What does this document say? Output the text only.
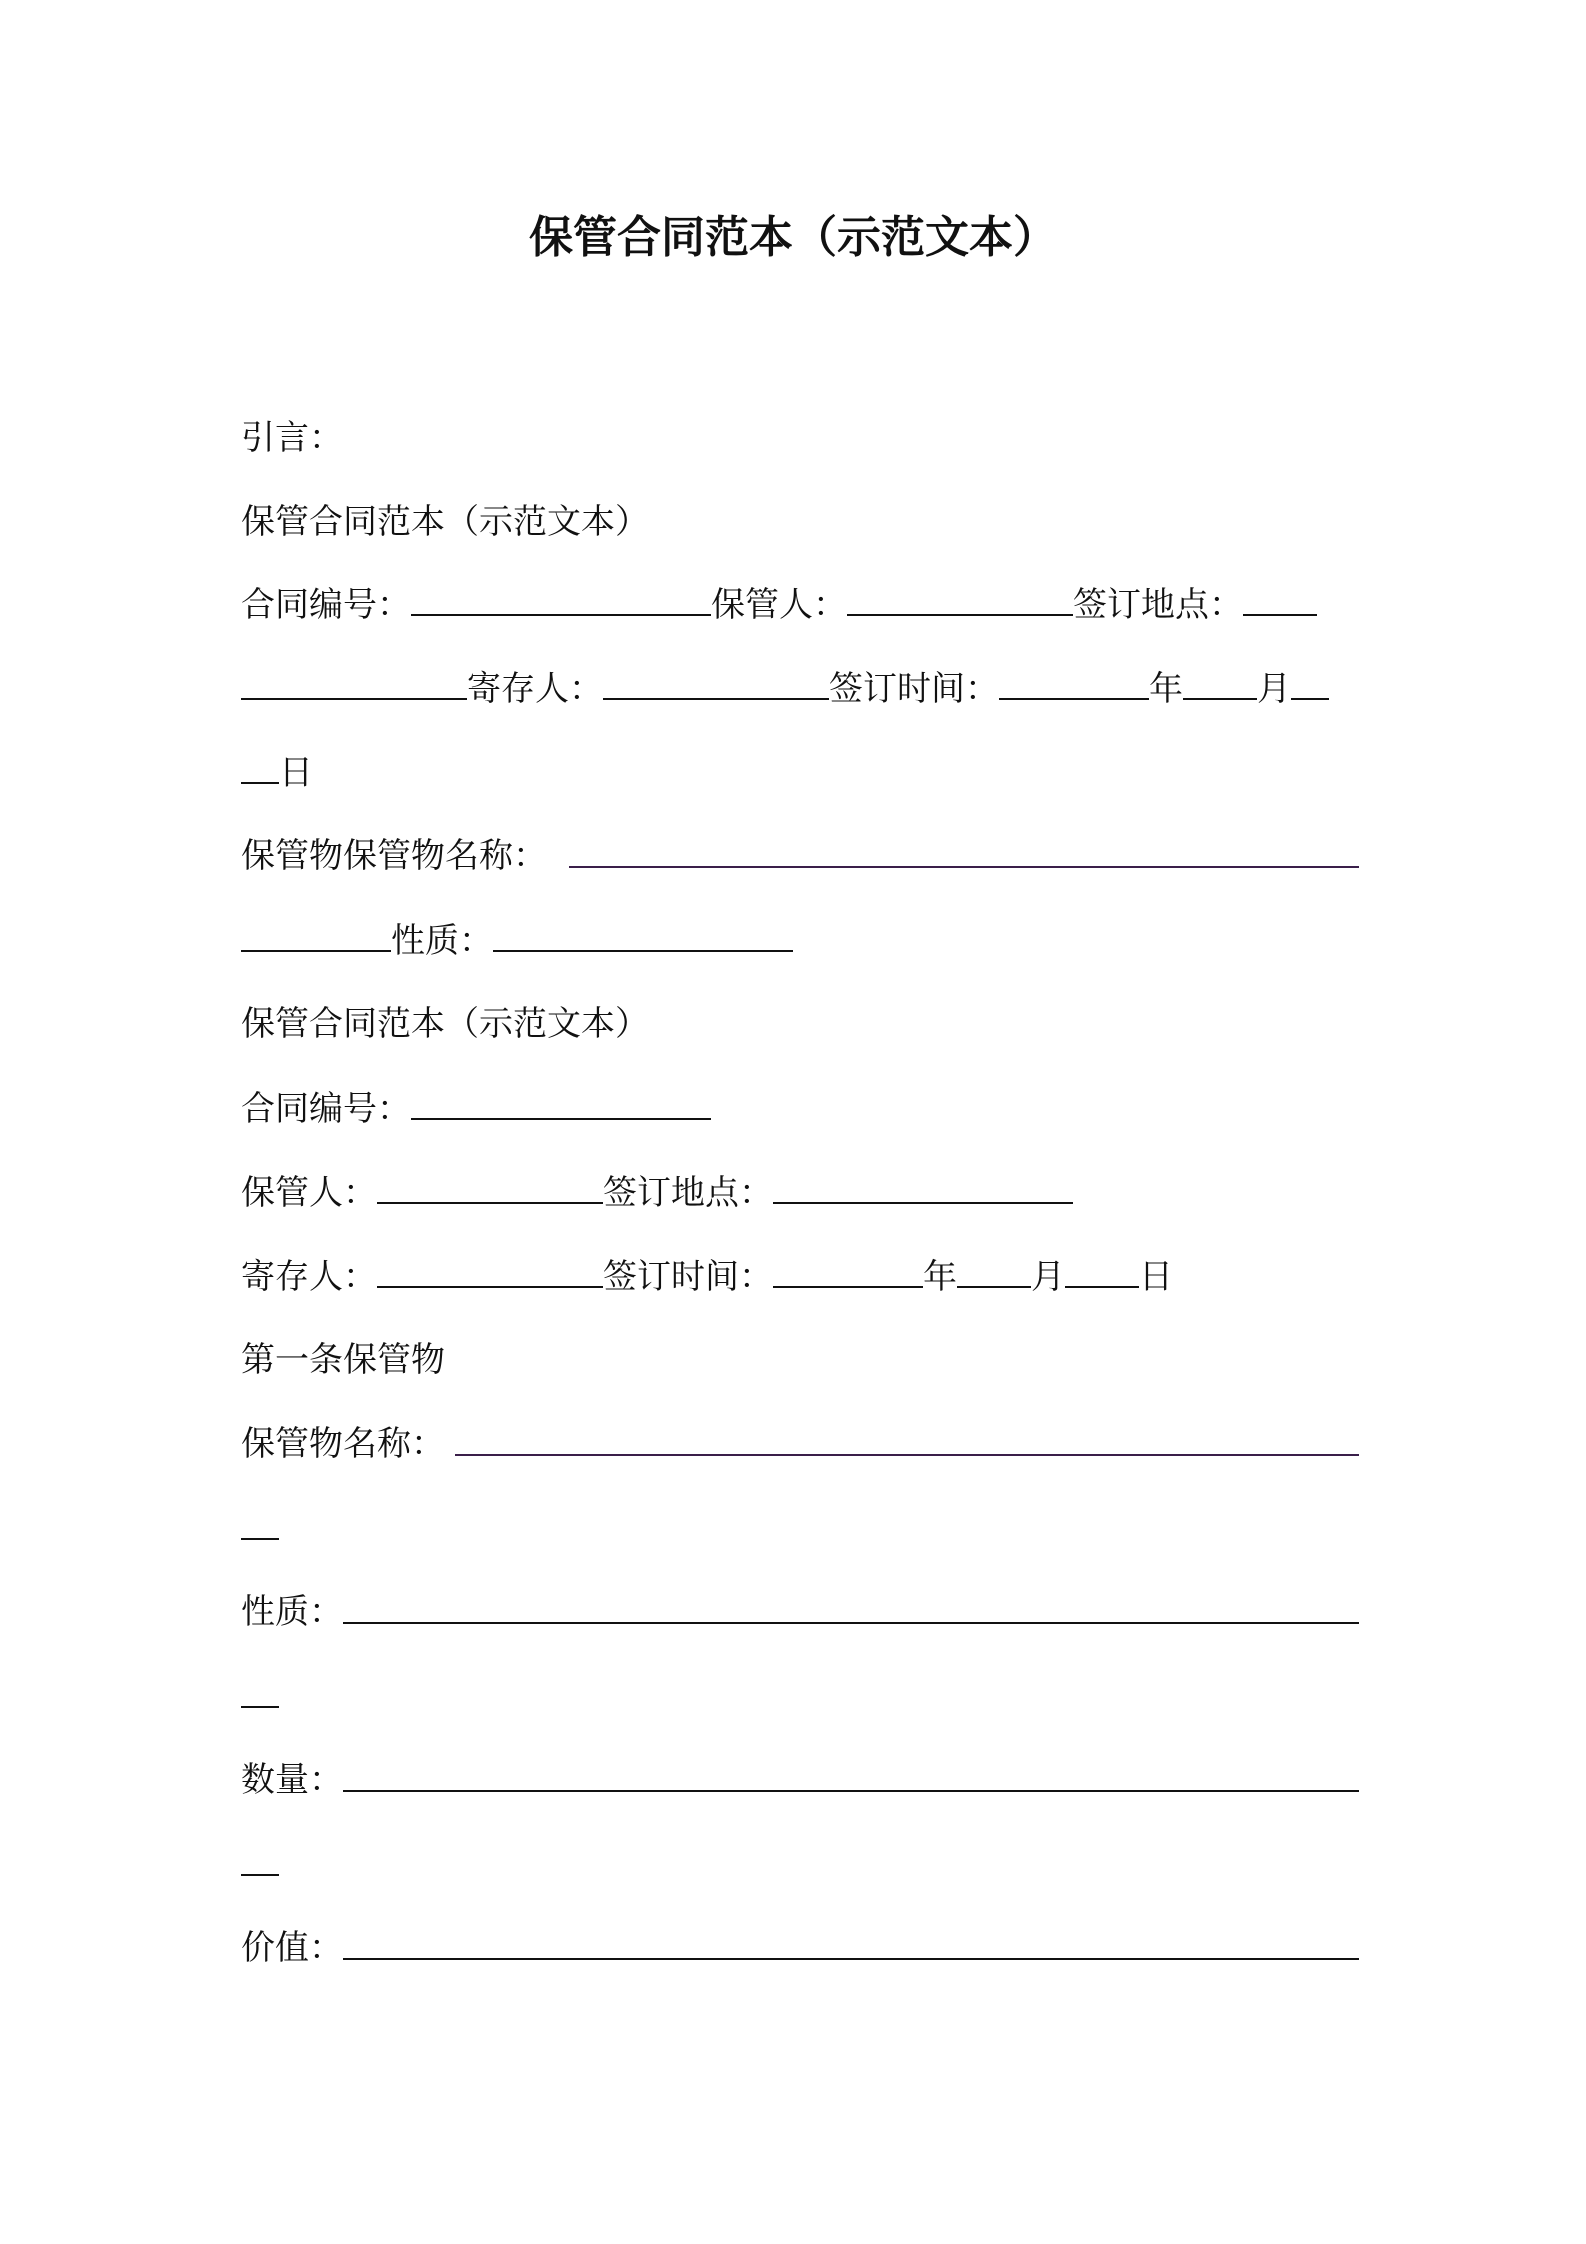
保管合同范本（示范文本）
引言：
保管合同范本（示范文本）
合同编号：	保管人：	签订地点：
寄存人：	签订时间：	年 月
日
保管物保管物名称：
性质：
保管合同范本（示范文本）
合同编号：
保管人：	签订地点：
寄存人：	签订时间：	年 月 日
第一条保管物
保管物名称：
性质：
数量：
价值：
